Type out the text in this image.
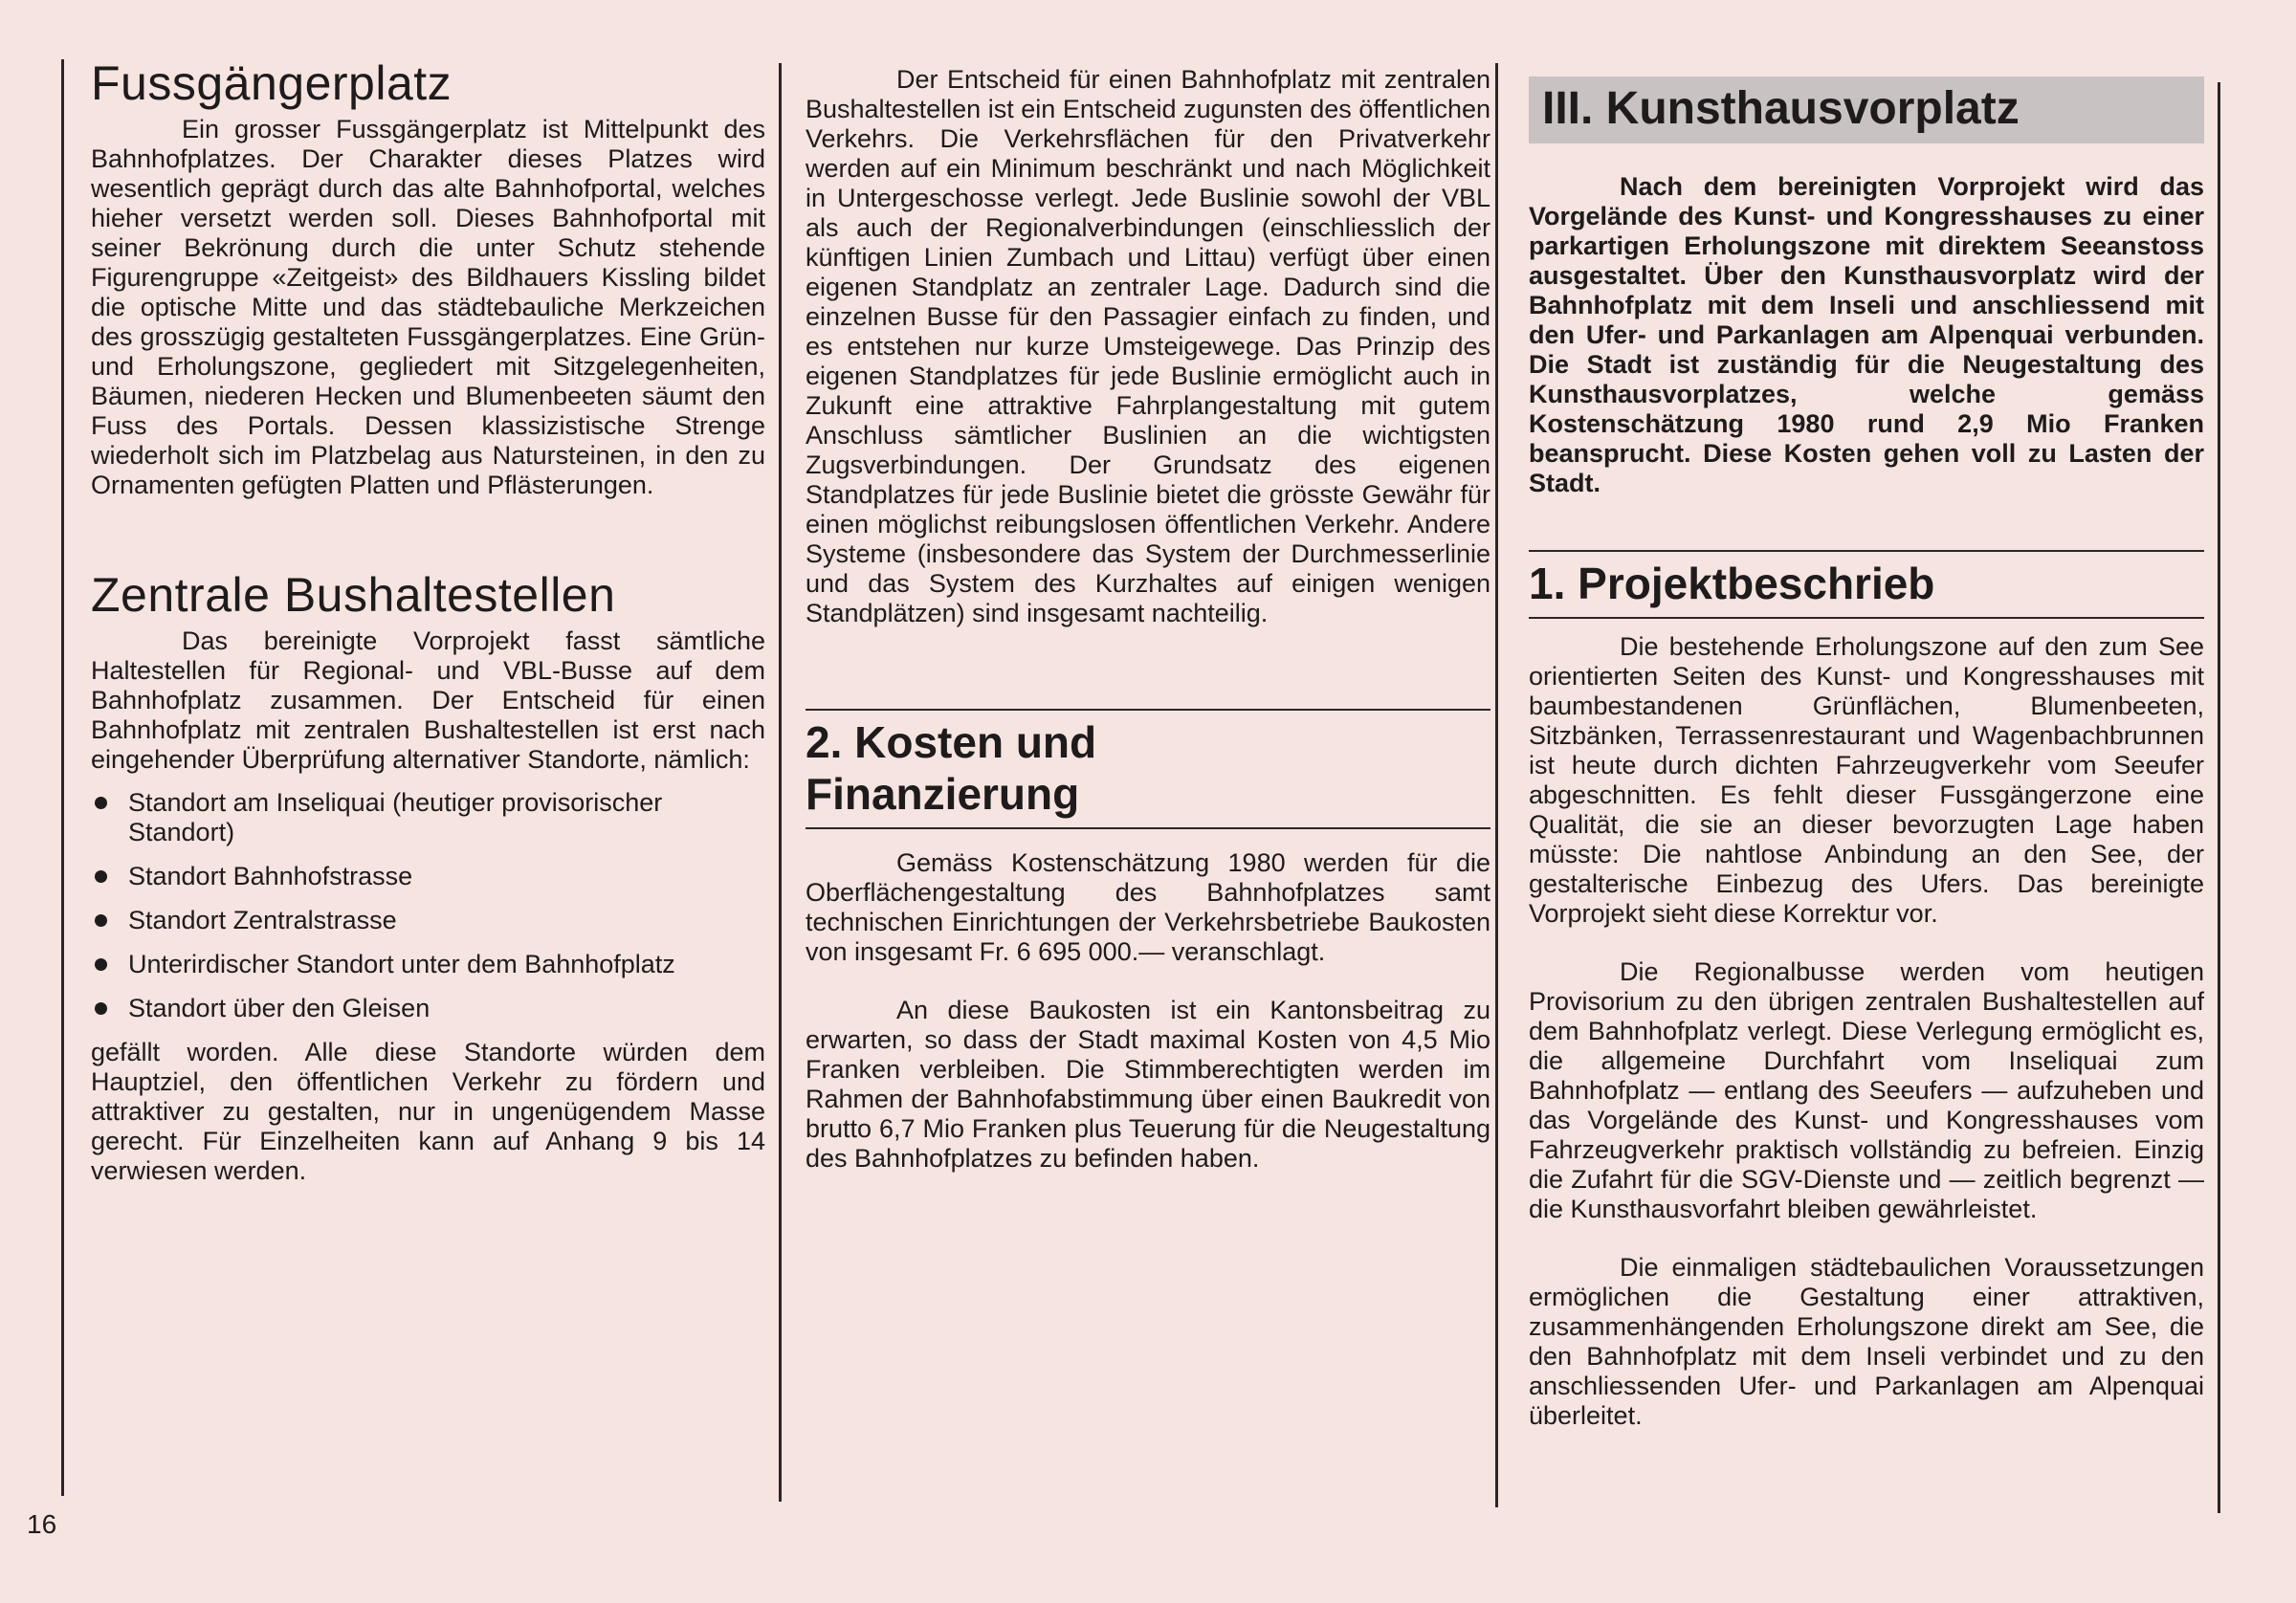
Fussgängerplatz

Ein grosser Fussgängerplatz ist Mittelpunkt des Bahnhofplatzes. Der Charakter dieses Platzes wird wesentlich geprägt durch das alte Bahnhofportal, welches hieher versetzt werden soll. Dieses Bahnhofportal mit seiner Bekrönung durch die unter Schutz stehende Figurengruppe «Zeitgeist» des Bildhauers Kissling bildet die optische Mitte und das städtebauliche Merkzeichen des grosszügig gestalteten Fussgängerplatzes. Eine Grün- und Erholungszone, gegliedert mit Sitzgelegenheiten, Bäumen, niederen Hecken und Blumenbeeten säumt den Fuss des Portals. Dessen klassizistische Strenge wiederholt sich im Platzbelag aus Natursteinen, in den zu Ornamenten gefügten Platten und Pflästerungen.

Zentrale Bushaltestellen

Das bereinigte Vorprojekt fasst sämtliche Haltestellen für Regional- und VBL-Busse auf dem Bahnhofplatz zusammen. Der Entscheid für einen Bahnhofplatz mit zentralen Bushaltestellen ist erst nach eingehender Überprüfung alternativer Standorte, nämlich:

Standort am Inseliquai (heutiger provisorischer Standort)
Standort Bahnhofstrasse
Standort Zentralstrasse
Unterirdischer Standort unter dem Bahnhofplatz
Standort über den Gleisen

gefällt worden. Alle diese Standorte würden dem Hauptziel, den öffentlichen Verkehr zu fördern und attraktiver zu gestalten, nur in ungenügendem Masse gerecht. Für Einzelheiten kann auf Anhang 9 bis 14 verwiesen werden.

Der Entscheid für einen Bahnhofplatz mit zentralen Bushaltestellen ist ein Entscheid zugunsten des öffentlichen Verkehrs. Die Verkehrsflächen für den Privatverkehr werden auf ein Minimum beschränkt und nach Möglichkeit in Untergeschosse verlegt. Jede Buslinie sowohl der VBL als auch der Regionalverbindungen (einschliesslich der künftigen Linien Zumbach und Littau) verfügt über einen eigenen Standplatz an zentraler Lage. Dadurch sind die einzelnen Busse für den Passagier einfach zu finden, und es entstehen nur kurze Umsteigewege. Das Prinzip des eigenen Standplatzes für jede Buslinie ermöglicht auch in Zukunft eine attraktive Fahrplangestaltung mit gutem Anschluss sämtlicher Buslinien an die wichtigsten Zugsverbindungen. Der Grundsatz des eigenen Standplatzes für jede Buslinie bietet die grösste Gewähr für einen möglichst reibungslosen öffentlichen Verkehr. Andere Systeme (insbesondere das System der Durchmesserlinie und das System des Kurzhaltes auf einigen wenigen Standplätzen) sind insgesamt nachteilig.

2. Kosten und
Finanzierung

Gemäss Kostenschätzung 1980 werden für die Oberflächengestaltung des Bahnhofplatzes samt technischen Einrichtungen der Verkehrsbetriebe Baukosten von insgesamt Fr. 6 695 000.— veranschlagt.

An diese Baukosten ist ein Kantonsbeitrag zu erwarten, so dass der Stadt maximal Kosten von 4,5 Mio Franken verbleiben. Die Stimmberechtigten werden im Rahmen der Bahnhofabstimmung über einen Baukredit von brutto 6,7 Mio Franken plus Teuerung für die Neugestaltung des Bahnhofplatzes zu befinden haben.

III. Kunsthausvorplatz

Nach dem bereinigten Vorprojekt wird das Vorgelände des Kunst- und Kongresshauses zu einer parkartigen Erholungszone mit direktem Seeanstoss ausgestaltet. Über den Kunsthausvorplatz wird der Bahnhofplatz mit dem Inseli und anschliessend mit den Ufer- und Parkanlagen am Alpenquai verbunden. Die Stadt ist zuständig für die Neugestaltung des Kunsthausvorplatzes, welche gemäss Kostenschätzung 1980 rund 2,9 Mio Franken beansprucht. Diese Kosten gehen voll zu Lasten der Stadt.

1. Projektbeschrieb

Die bestehende Erholungszone auf den zum See orientierten Seiten des Kunst- und Kongresshauses mit baumbestandenen Grünflächen, Blumenbeeten, Sitzbänken, Terrassenrestaurant und Wagenbachbrunnen ist heute durch dichten Fahrzeugverkehr vom Seeufer abgeschnitten. Es fehlt dieser Fussgängerzone eine Qualität, die sie an dieser bevorzugten Lage haben müsste: Die nahtlose Anbindung an den See, der gestalterische Einbezug des Ufers. Das bereinigte Vorprojekt sieht diese Korrektur vor.

Die Regionalbusse werden vom heutigen Provisorium zu den übrigen zentralen Bushaltestellen auf dem Bahnhofplatz verlegt. Diese Verlegung ermöglicht es, die allgemeine Durchfahrt vom Inseliquai zum Bahnhofplatz — entlang des Seeufers — aufzuheben und das Vorgelände des Kunst- und Kongresshauses vom Fahrzeugverkehr praktisch vollständig zu befreien. Einzig die Zufahrt für die SGV-Dienste und — zeitlich begrenzt — die Kunsthausvorfahrt bleiben gewährleistet.

Die einmaligen städtebaulichen Voraussetzungen ermöglichen die Gestaltung einer attraktiven, zusammenhängenden Erholungszone direkt am See, die den Bahnhofplatz mit dem Inseli verbindet und zu den anschliessenden Ufer- und Parkanlagen am Alpenquai überleitet.

16
